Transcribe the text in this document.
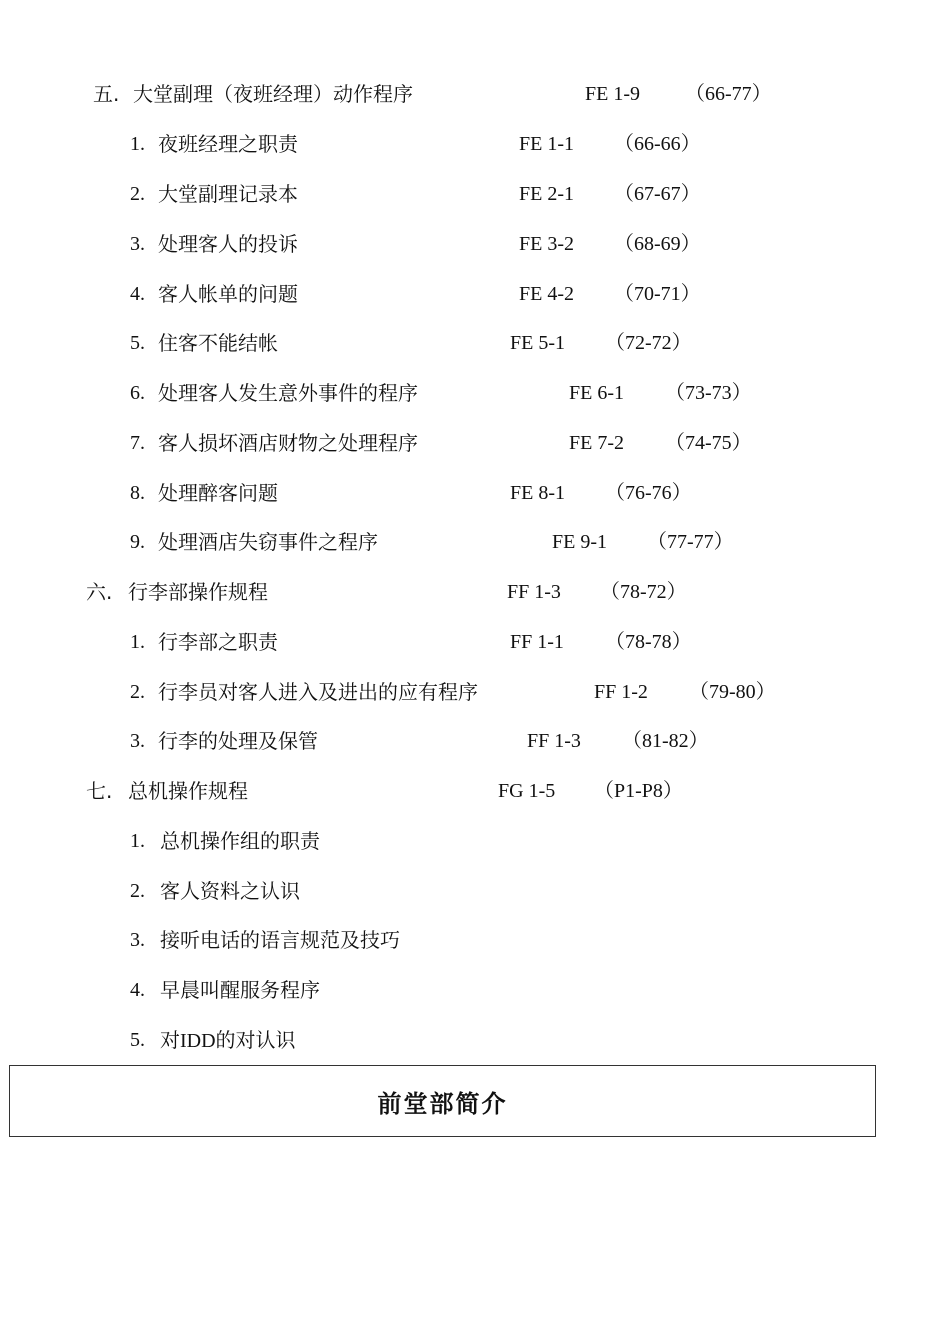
五. 大堂副理（夜班经理）动作程序	FE 1-9 （66-77）
1. 夜班经理之职责	FE 1-1 （66-66）
2. 大堂副理记录本	FE 2-1 （67-67）
3. 处理客人的投诉	FE 3-2 （68-69）
4. 客人帐单的问题	FE 4-2 （70-71）
5. 住客不能结帐	FE 5-1 （72-72）
6. 处理客人发生意外事件的程序	FE 6-1 （73-73）
7. 客人损坏酒店财物之处理程序	FE 7-2 （74-75）
8. 处理醉客问题	FE 8-1 （76-76）
9. 处理酒店失窃事件之程序	FE 9-1 （77-77）
六. 行李部操作规程	FF 1-3 （78-72）
1. 行李部之职责	FF 1-1 （78-78）
2. 行李员对客人进入及进出的应有程序	FF 1-2 （79-80）
3. 行李的处理及保管	FF 1-3 （81-82）
七. 总机操作规程	FG 1-5 （P1-P8）
1. 总机操作组的职责
2. 客人资料之认识
3. 接听电话的语言规范及技巧
4. 早晨叫醒服务程序
5. 对IDD的对认识
前堂部简介
